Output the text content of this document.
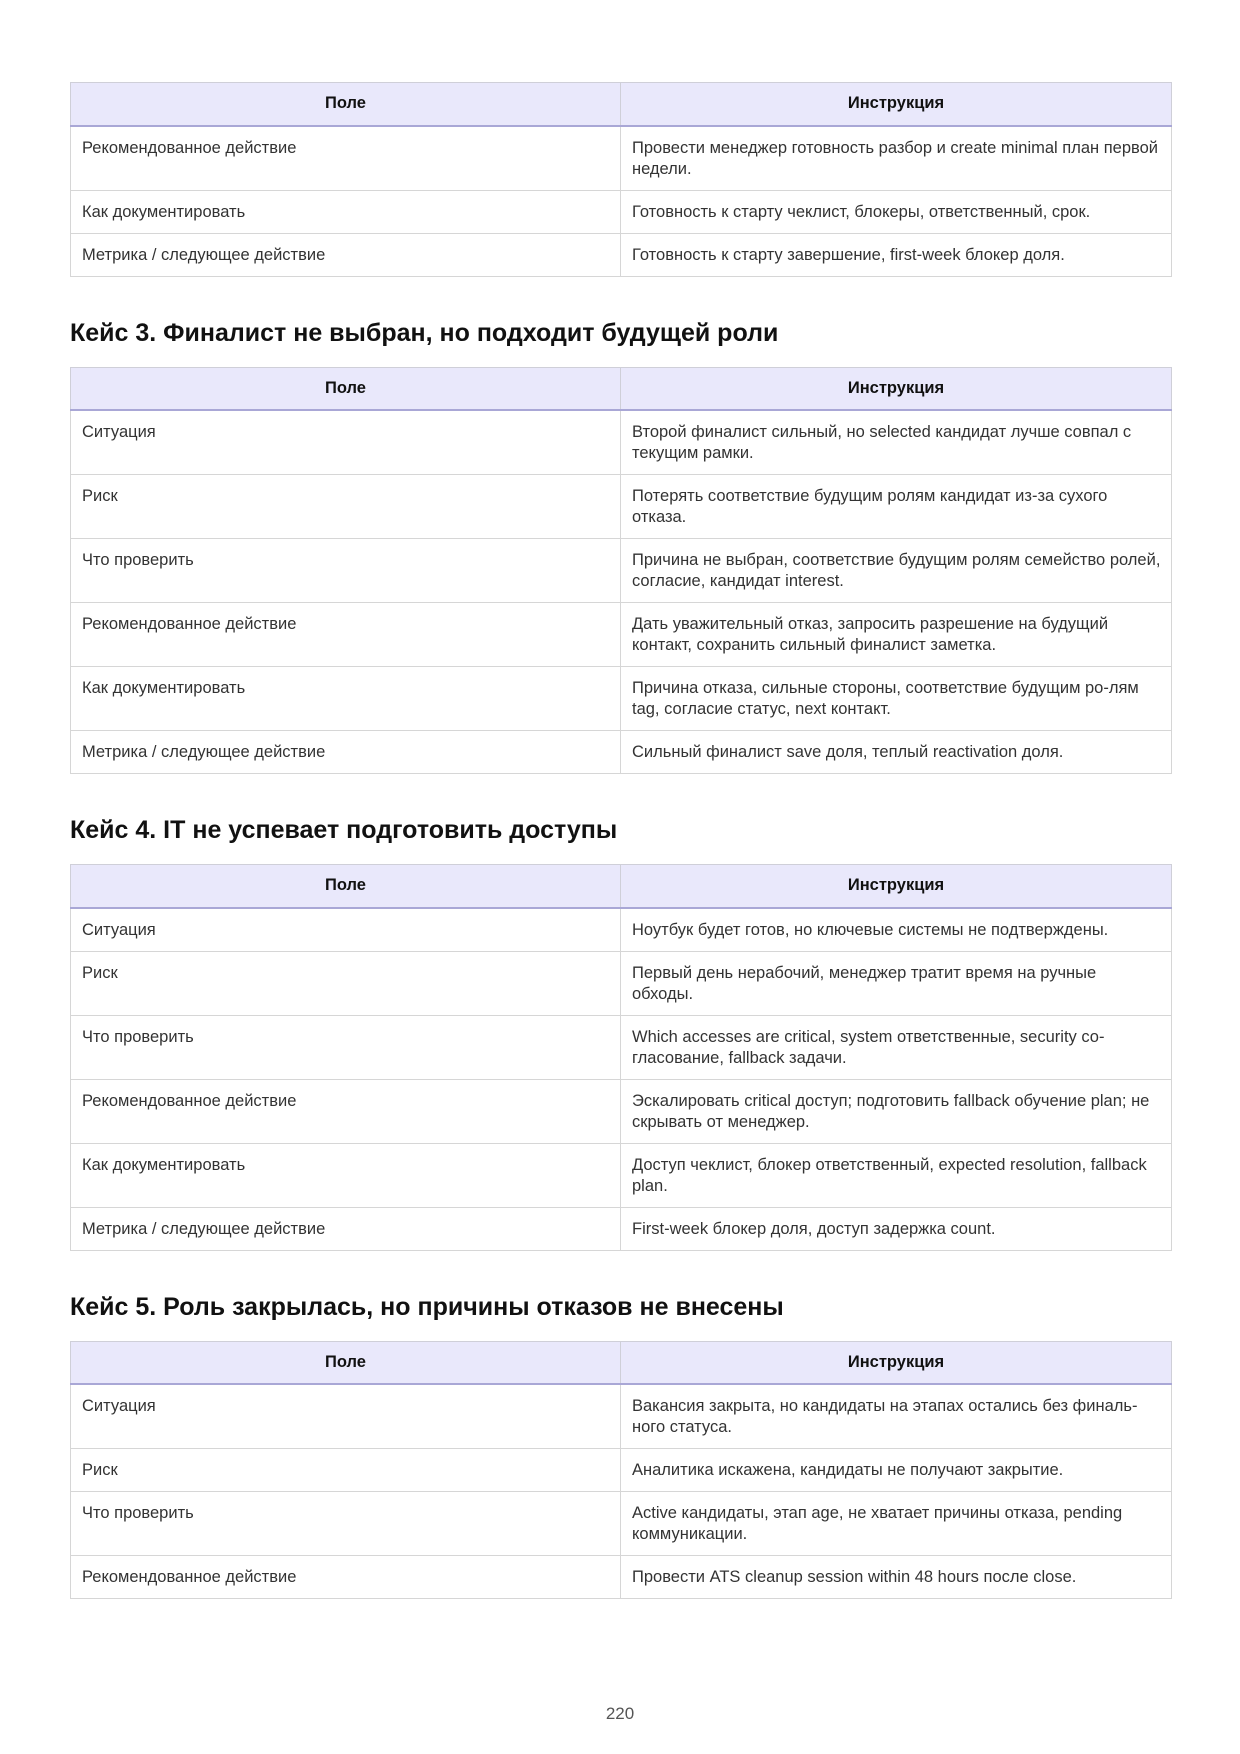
Поле	Инструкция
Рекомендованное действие	Провести менеджер готовность разбор и create minimal план первой недели.
Как документировать	Готовность к старту чеклист, блокеры, ответственный, срок.
Метрика / следующее действие	Готовность к старту завершение, first-week блокер доля.
Кейс 3. Финалист не выбран, но подходит будущей роли
Поле	Инструкция
Ситуация	Второй финалист сильный, но selected кандидат лучше совпал с текущим рамки.
Риск	Потерять соответствие будущим ролям кандидат из-за сухого отказа.
Что проверить	Причина не выбран, соответствие будущим ролям семейство ролей, согласие, кандидат interest.
Рекомендованное действие	Дать уважительный отказ, запросить разрешение на будущий контакт, сохранить сильный финалист заметка.
Как документировать	Причина отказа, сильные стороны, соответствие будущим ро-лям tag, согласие статус, next контакт.
Метрика / следующее действие	Сильный финалист save доля, теплый reactivation доля.
Кейс 4. IT не успевает подготовить доступы
Поле	Инструкция
Ситуация	Ноутбук будет готов, но ключевые системы не подтверждены.
Риск	Первый день нерабочий, менеджер тратит время на ручные обходы.
Что проверить	Which accesses are critical, system ответственные, security со-гласование, fallback задачи.
Рекомендованное действие	Эскалировать critical доступ; подготовить fallback обучение plan; не скрывать от менеджер.
Как документировать	Доступ чеклист, блокер ответственный, expected resolution, fallback plan.
Метрика / следующее действие	First-week блокер доля, доступ задержка count.
Кейс 5. Роль закрылась, но причины отказов не внесены
Поле	Инструкция
Ситуация	Вакансия закрыта, но кандидаты на этапах остались без финаль-ного статуса.
Риск	Аналитика искажена, кандидаты не получают закрытие.
Что проверить	Active кандидаты, этап age, не хватает причины отказа, pending коммуникации.
Рекомендованное действие	Провести ATS cleanup session within 48 hours после close.
220
